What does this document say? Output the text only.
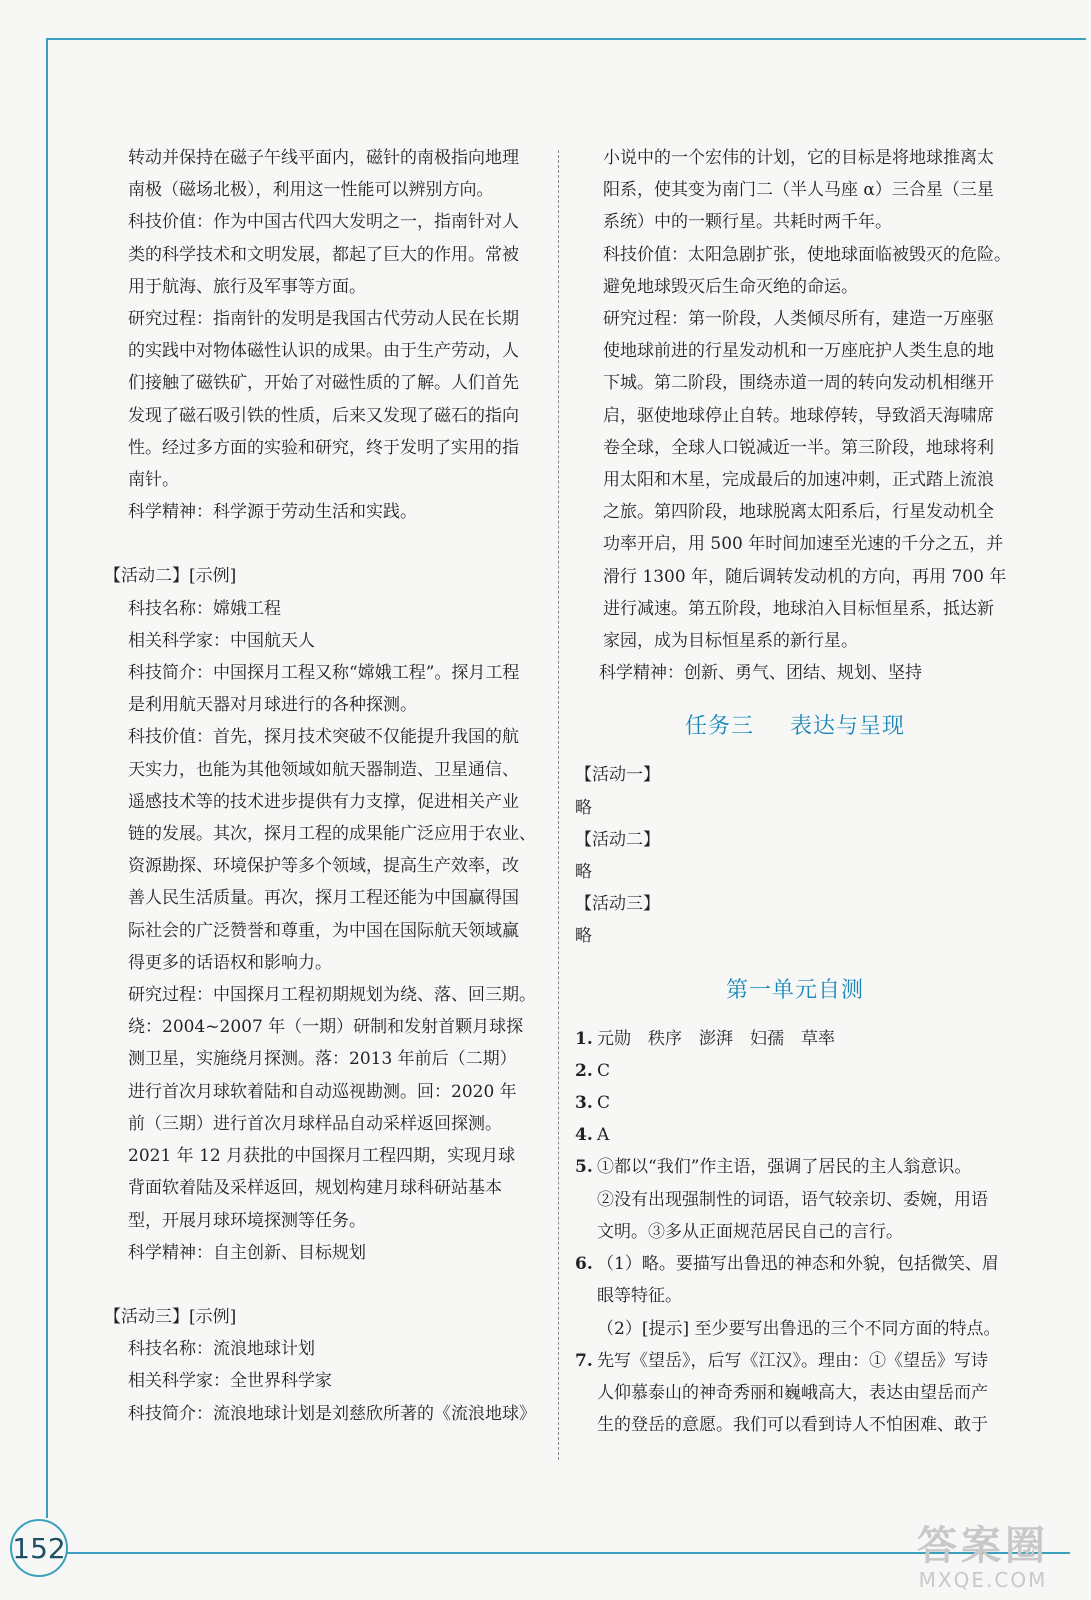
转动并保持在磁子午线平面内，磁针的南极指向地理

南极（磁场北极），利用这一性能可以辨别方向。

科技价值：作为中国古代四大发明之一，指南针对人

类的科学技术和文明发展，都起了巨大的作用。常被

用于航海、旅行及军事等方面。

研究过程：指南针的发明是我国古代劳动人民在长期

的实践中对物体磁性认识的成果。由于生产劳动，人

们接触了磁铁矿，开始了对磁性质的了解。人们首先

发现了磁石吸引铁的性质，后来又发现了磁石的指向

性。经过多方面的实验和研究，终于发明了实用的指

南针。

科学精神：科学源于劳动生活和实践。

【活动二】[示例]

科技名称：嫦娥工程

相关科学家：中国航天人

科技简介：中国探月工程又称“嫦娥工程”。探月工程

是利用航天器对月球进行的各种探测。

科技价值：首先，探月技术突破不仅能提升我国的航

天实力，也能为其他领域如航天器制造、卫星通信、

遥感技术等的技术进步提供有力支撑，促进相关产业

链的发展。其次，探月工程的成果能广泛应用于农业、

资源勘探、环境保护等多个领域，提高生产效率，改

善人民生活质量。再次，探月工程还能为中国赢得国

际社会的广泛赞誉和尊重，为中国在国际航天领域赢

得更多的话语权和影响力。

研究过程：中国探月工程初期规划为绕、落、回三期。

绕：2004~2007 年（一期）研制和发射首颗月球探

测卫星，实施绕月探测。落：2013 年前后（二期）

进行首次月球软着陆和自动巡视勘测。回：2020 年

前（三期）进行首次月球样品自动采样返回探测。

2021 年 12 月获批的中国探月工程四期，实现月球

背面软着陆及采样返回，规划构建月球科研站基本

型，开展月球环境探测等任务。

科学精神：自主创新、目标规划

【活动三】[示例]

科技名称：流浪地球计划

相关科学家：全世界科学家

科技简介：流浪地球计划是刘慈欣所著的《流浪地球》

小说中的一个宏伟的计划，它的目标是将地球推离太

阳系，使其变为南门二（半人马座 α）三合星（三星

系统）中的一颗行星。共耗时两千年。

科技价值：太阳急剧扩张，使地球面临被毁灭的危险。

避免地球毁灭后生命灭绝的命运。

研究过程：第一阶段，人类倾尽所有，建造一万座驱

使地球前进的行星发动机和一万座庇护人类生息的地

下城。第二阶段，围绕赤道一周的转向发动机相继开

启，驱使地球停止自转。地球停转，导致滔天海啸席

卷全球，全球人口锐减近一半。第三阶段，地球将利

用太阳和木星，完成最后的加速冲刺，正式踏上流浪

之旅。第四阶段，地球脱离太阳系后，行星发动机全

功率开启，用 500 年时间加速至光速的千分之五，并

滑行 1300 年，随后调转发动机的方向，再用 700 年

进行减速。第五阶段，地球泊入目标恒星系，抵达新

家园，成为目标恒星系的新行星。

科学精神：创新、勇气、团结、规划、坚持

任务三 表达与呈现

【活动一】

略

【活动二】

略

【活动三】

略

第一单元自测

1. 元勋　秩序　澎湃　妇孺　草率

2. C

3. C

4. A

5. ①都以“我们”作主语，强调了居民的主人翁意识。

②没有出现强制性的词语，语气较亲切、委婉，用语

文明。③多从正面规范居民自己的言行。

6. （1）略。要描写出鲁迅的神态和外貌，包括微笑、眉

眼等特征。

（2）[提示] 至少要写出鲁迅的三个不同方面的特点。

7. 先写《望岳》，后写《江汉》。理由：①《望岳》写诗

人仰慕泰山的神奇秀丽和巍峨高大，表达由望岳而产

生的登岳的意愿。我们可以看到诗人不怕困难、敢于

152	答案圈
MXQE.COM
